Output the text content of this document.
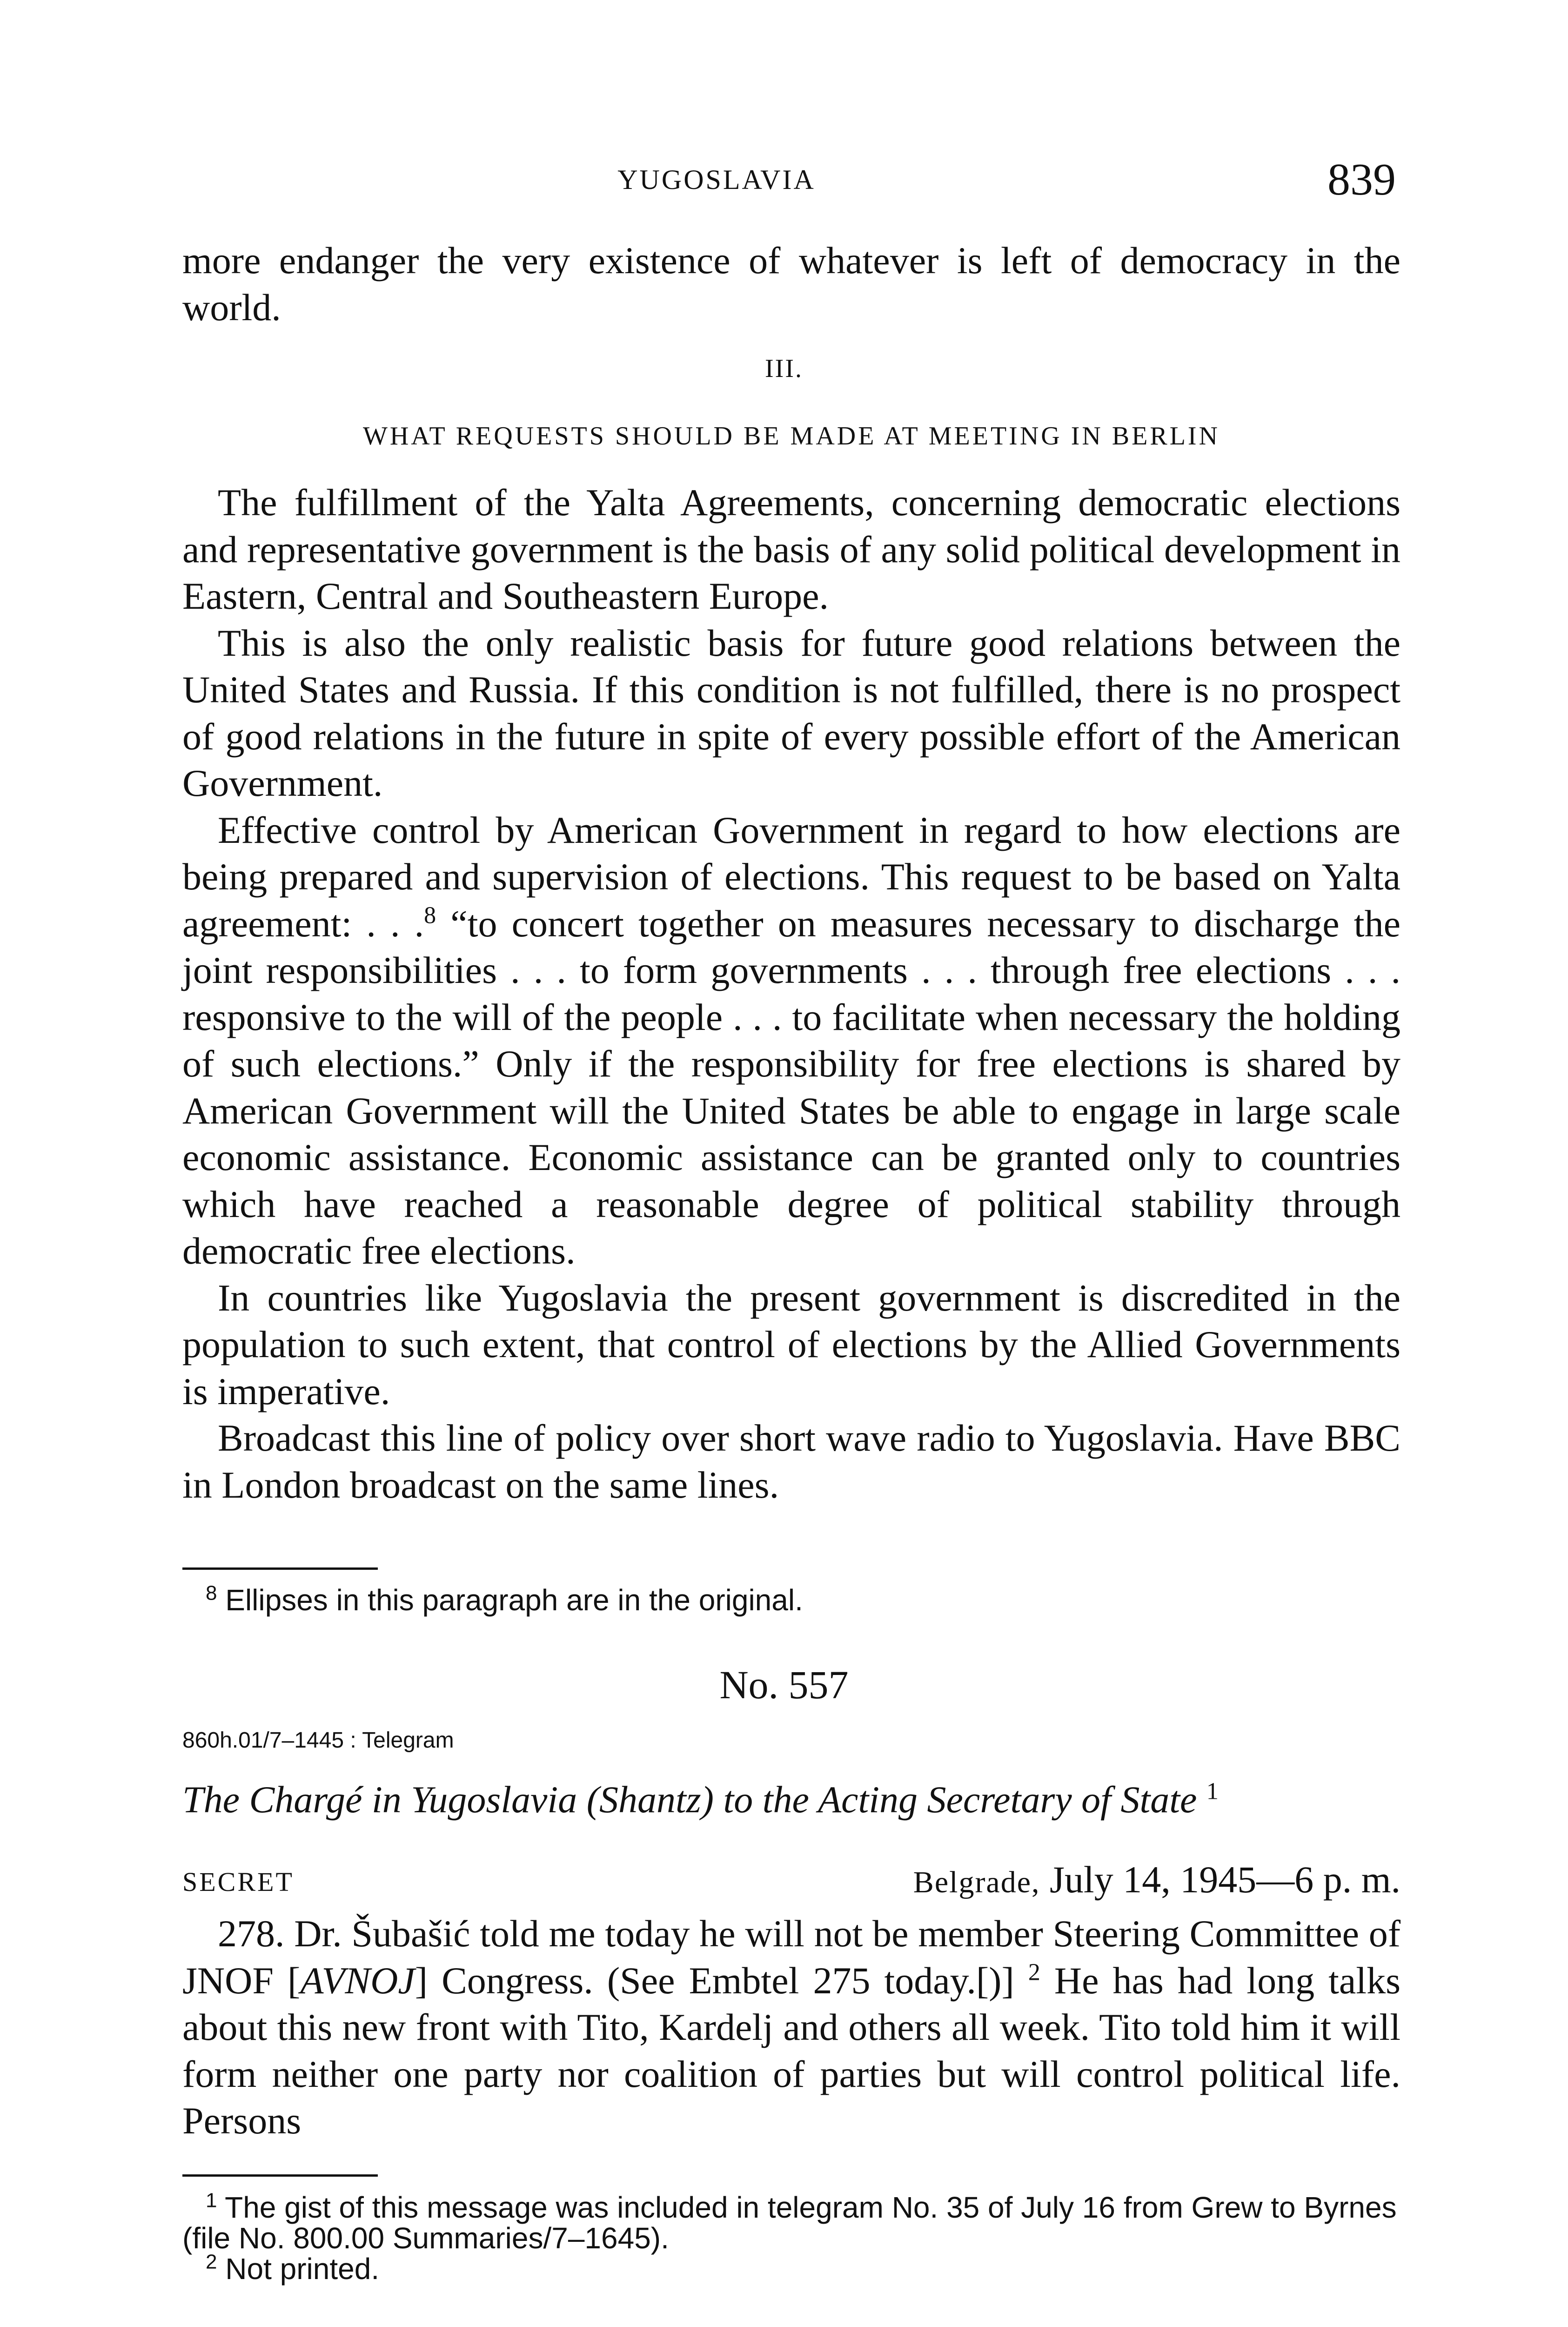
YUGOSLAVIA	839

more endanger the very existence of whatever is left of democracy in the world.

III.
WHAT REQUESTS SHOULD BE MADE AT MEETING IN BERLIN

The fulfillment of the Yalta Agreements, concerning democratic elections and representative government is the basis of any solid political development in Eastern, Central and Southeastern Europe.

This is also the only realistic basis for future good relations between the United States and Russia. If this condition is not fulfilled, there is no prospect of good relations in the future in spite of every possible effort of the American Government.

Effective control by American Government in regard to how elections are being prepared and supervision of elections. This request to be based on Yalta agreement: . . .$^8$ “to concert together on measures necessary to discharge the joint responsibilities . . . to form governments . . . through free elections . . . responsive to the will of the people . . . to facilitate when necessary the holding of such elections.” Only if the responsibility for free elections is shared by American Government will the United States be able to engage in large scale economic assistance. Economic assistance can be granted only to countries which have reached a reasonable degree of political stability through democratic free elections.

In countries like Yugoslavia the present government is discredited in the population to such extent, that control of elections by the Allied Governments is imperative.

Broadcast this line of policy over short wave radio to Yugoslavia. Have BBC in London broadcast on the same lines.

$^8$ Ellipses in this paragraph are in the original.
No. 557
860h.01/7–1445 : Telegram
The Chargé in Yugoslavia (Shantz) to the Acting Secretary of State $^1$
SECRET	Belgrade, July 14, 1945—6 p. m.

278. Dr. Šubašić told me today he will not be member Steering Committee of JNOF [AVNOJ] Congress. (See Embtel 275 today.[)] $^2$ He has had long talks about this new front with Tito, Kardelj and others all week. Tito told him it will form neither one party nor coalition of parties but will control political life. Persons

$^1$ The gist of this message was included in telegram No. 35 of July 16 from Grew to Byrnes (file No. 800.00 Summaries/7–1645).
$^2$ Not printed.
